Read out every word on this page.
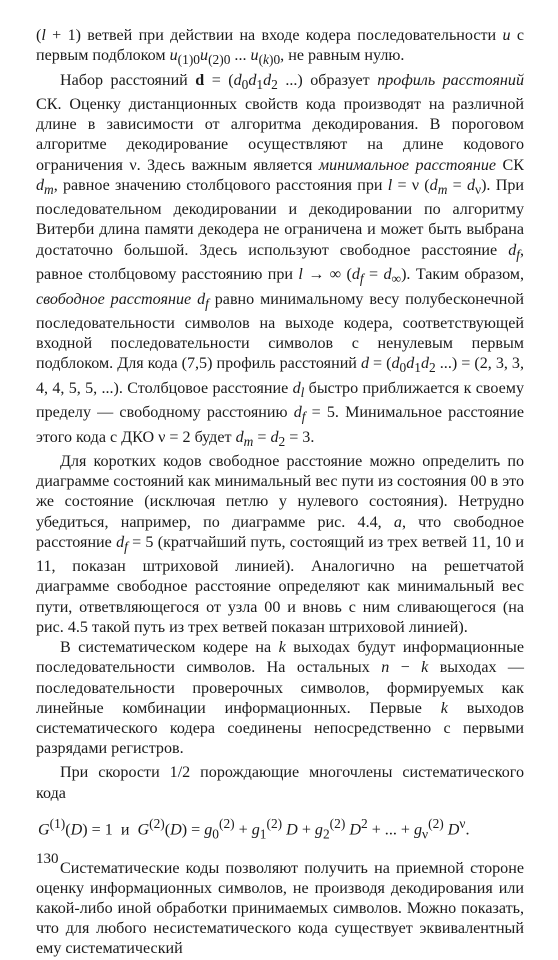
(l + 1) ветвей при действии на входе кодера последовательности u с первым подблоком $u_{(1)0}u_{(2)0}$ ... $u_{(k)0}$, не равным нулю.

Набор расстояний $d = (d_0d_1d_2$ ...) образует профиль расстояний СК. Оценку дистанционных свойств кода производят на различной длине в зависимости от алгоритма декодирования. В пороговом алгоритме декодирование осуществляют на длине кодового ограничения ν. Здесь важным является минимальное расстояние СК $d_m$, равное значению столбцового расстояния при l = ν $(d_m = d_\nu)$. При последовательном декодировании и декодировании по алгоритму Витерби длина памяти декодера не ограничена и может быть выбрана достаточно большой. Здесь используют свободное расстояние $d_f$, равное столбцовому расстоянию при l → ∞ $(d_f = d_\infty)$. Таким образом, свободное расстояние $d_f$ равно минимальному весу полубесконечной последовательности символов на выходе кодера, соответствующей входной последовательности символов с ненулевым первым подблоком. Для кода (7,5) профиль расстояний $d = (d_0d_1d_2$ ...) = (2, 3, 3, 4, 4, 5, 5, ...). Столбцовое расстояние $d_l$ быстро приближается к своему пределу — свободному расстоянию $d_f = 5$. Минимальное расстояние этого кода с ДКО ν = 2 будет $d_m = d_2 = 3$.

Для коротких кодов свободное расстояние можно определить по диаграмме состояний как минимальный вес пути из состояния 00 в это же состояние (исключая петлю у нулевого состояния). Нетрудно убедиться, например, по диаграмме рис. 4.4, а, что свободное расстояние $d_f = 5$ (кратчайший путь, состоящий из трех ветвей 11, 10 и 11, показан штриховой линией). Аналогично на решетчатой диаграмме свободное расстояние определяют как минимальный вес пути, ответвляющегося от узла 00 и вновь с ним сливающегося (на рис. 4.5 такой путь из трех ветвей показан штриховой линией).

В систематическом кодере на k выходах будут информационные последовательности символов. На остальных n − k выходах — последовательности проверочных символов, формируемых как линейные комбинации информационных. Первые k выходов систематического кодера соединены непосредственно с первыми разрядами регистров.

При скорости 1/2 порождающие многочлены систематического кода

$G^{(1)}(D) = 1$  и  $G^{(2)}(D) = g_0^{(2)} + g_1^{(2)}$ $D + g_2^{(2)}$ $D^2$ + ... + $g_\nu^{(2)}$ $D^\nu$.

Систематические коды позволяют получить на приемной стороне оценку информационных символов, не производя декодирования или какой-либо иной обработки принимаемых символов. Можно показать, что для любого несистематического кода существует эквивалентный ему систематический

130
